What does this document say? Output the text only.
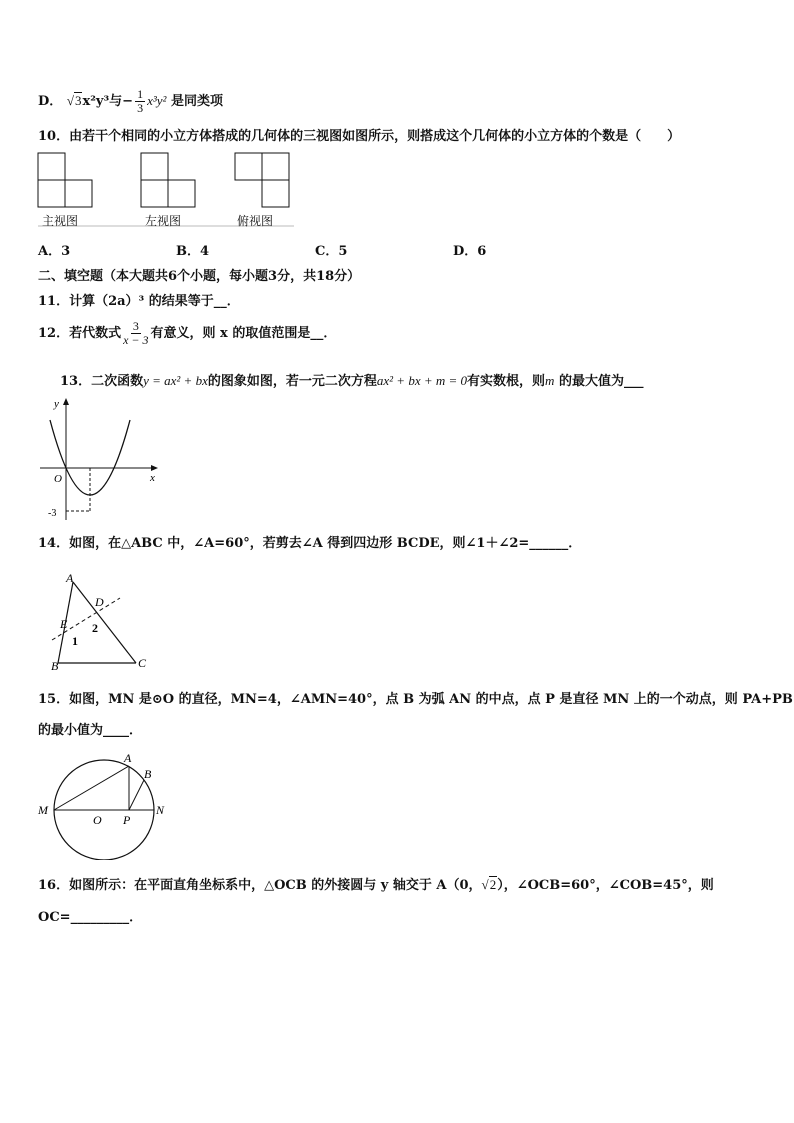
D． √3x²y³与− $\frac{1}{3} x^3y^2$ 是同类项
10．由若干个相同的小立方体搭成的几何体的三视图如图所示，则搭成这个几何体的小立方体的个数是（　　）
主视图	左视图	俯视图
A．3	B．4	C．5	D．6
二、填空题（本大题共6个小题，每小题3分，共18分）
11．计算（2a）³ 的结果等于__．
12．若代数式 $\frac{3}{x - 3}$ 有意义，则 x 的取值范围是__．
13．二次函数y = ax² + bx的图象如图，若一元二次方程ax² + bx + m = 0有实数根，则m 的最大值为___
y
x
O
-3
14．如图，在△ABC 中，∠A=60°，若剪去∠A 得到四边形 BCDE，则∠1＋∠2=______．
A
B	C
D
E
1
2
15．如图，MN 是⊙O 的直径，MN=4，∠AMN=40°，点 B 为弧 AN 的中点，点 P 是直径 MN 上的一个动点，则 PA+PB
的最小值为____．
M	N
O P
A
B
16．如图所示：在平面直角坐标系中，△OCB 的外接圆与 y 轴交于 A（0，√2），∠OCB=60°，∠COB=45°，则
OC=_________．
